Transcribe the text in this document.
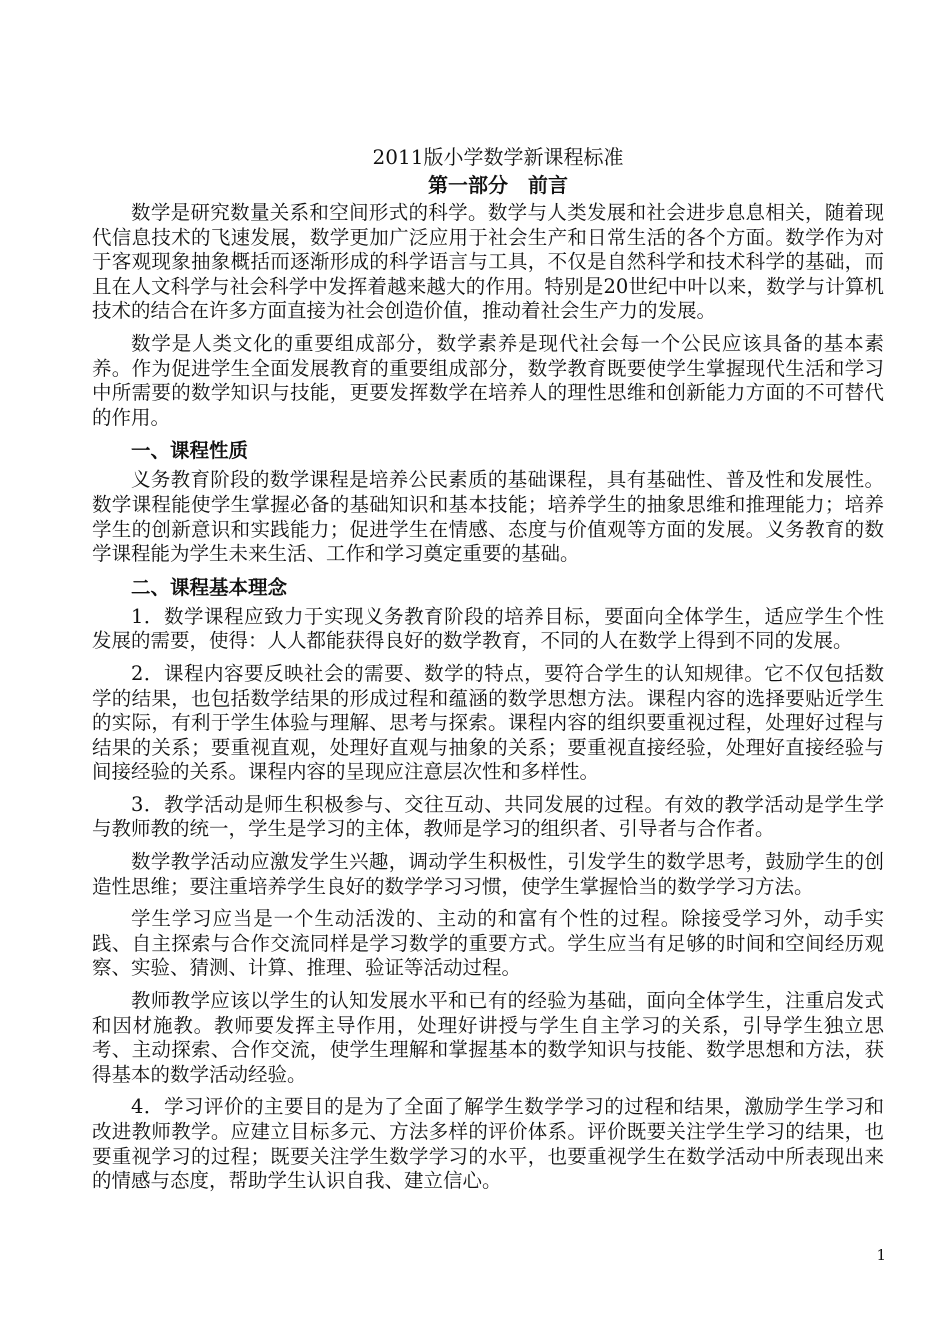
2011版小学数学新课程标准
第一部分　前言

数学是研究数量关系和空间形式的科学。数学与人类发展和社会进步息息相关，随着现代信息技术的飞速发展，数学更加广泛应用于社会生产和日常生活的各个方面。数学作为对于客观现象抽象概括而逐渐形成的科学语言与工具，不仅是自然科学和技术科学的基础，而且在人文科学与社会科学中发挥着越来越大的作用。特别是20世纪中叶以来，数学与计算机技术的结合在许多方面直接为社会创造价值，推动着社会生产力的发展。

数学是人类文化的重要组成部分，数学素养是现代社会每一个公民应该具备的基本素养。作为促进学生全面发展教育的重要组成部分，数学教育既要使学生掌握现代生活和学习中所需要的数学知识与技能，更要发挥数学在培养人的理性思维和创新能力方面的不可替代的作用。

一、课程性质

义务教育阶段的数学课程是培养公民素质的基础课程，具有基础性、普及性和发展性。数学课程能使学生掌握必备的基础知识和基本技能；培养学生的抽象思维和推理能力；培养学生的创新意识和实践能力；促进学生在情感、态度与价值观等方面的发展。义务教育的数学课程能为学生未来生活、工作和学习奠定重要的基础。

二、课程基本理念

1．数学课程应致力于实现义务教育阶段的培养目标，要面向全体学生，适应学生个性发展的需要，使得：人人都能获得良好的数学教育，不同的人在数学上得到不同的发展。

2．课程内容要反映社会的需要、数学的特点，要符合学生的认知规律。它不仅包括数学的结果，也包括数学结果的形成过程和蕴涵的数学思想方法。课程内容的选择要贴近学生的实际，有利于学生体验与理解、思考与探索。课程内容的组织要重视过程，处理好过程与结果的关系；要重视直观，处理好直观与抽象的关系；要重视直接经验，处理好直接经验与间接经验的关系。课程内容的呈现应注意层次性和多样性。

3．教学活动是师生积极参与、交往互动、共同发展的过程。有效的教学活动是学生学与教师教的统一，学生是学习的主体，教师是学习的组织者、引导者与合作者。

数学教学活动应激发学生兴趣，调动学生积极性，引发学生的数学思考，鼓励学生的创造性思维；要注重培养学生良好的数学学习习惯，使学生掌握恰当的数学学习方法。

学生学习应当是一个生动活泼的、主动的和富有个性的过程。除接受学习外，动手实践、自主探索与合作交流同样是学习数学的重要方式。学生应当有足够的时间和空间经历观察、实验、猜测、计算、推理、验证等活动过程。

教师教学应该以学生的认知发展水平和已有的经验为基础，面向全体学生，注重启发式和因材施教。教师要发挥主导作用，处理好讲授与学生自主学习的关系，引导学生独立思考、主动探索、合作交流，使学生理解和掌握基本的数学知识与技能、数学思想和方法，获得基本的数学活动经验。

4．学习评价的主要目的是为了全面了解学生数学学习的过程和结果，激励学生学习和改进教师教学。应建立目标多元、方法多样的评价体系。评价既要关注学生学习的结果，也要重视学习的过程；既要关注学生数学学习的水平，也要重视学生在数学活动中所表现出来的情感与态度，帮助学生认识自我、建立信心。

1
